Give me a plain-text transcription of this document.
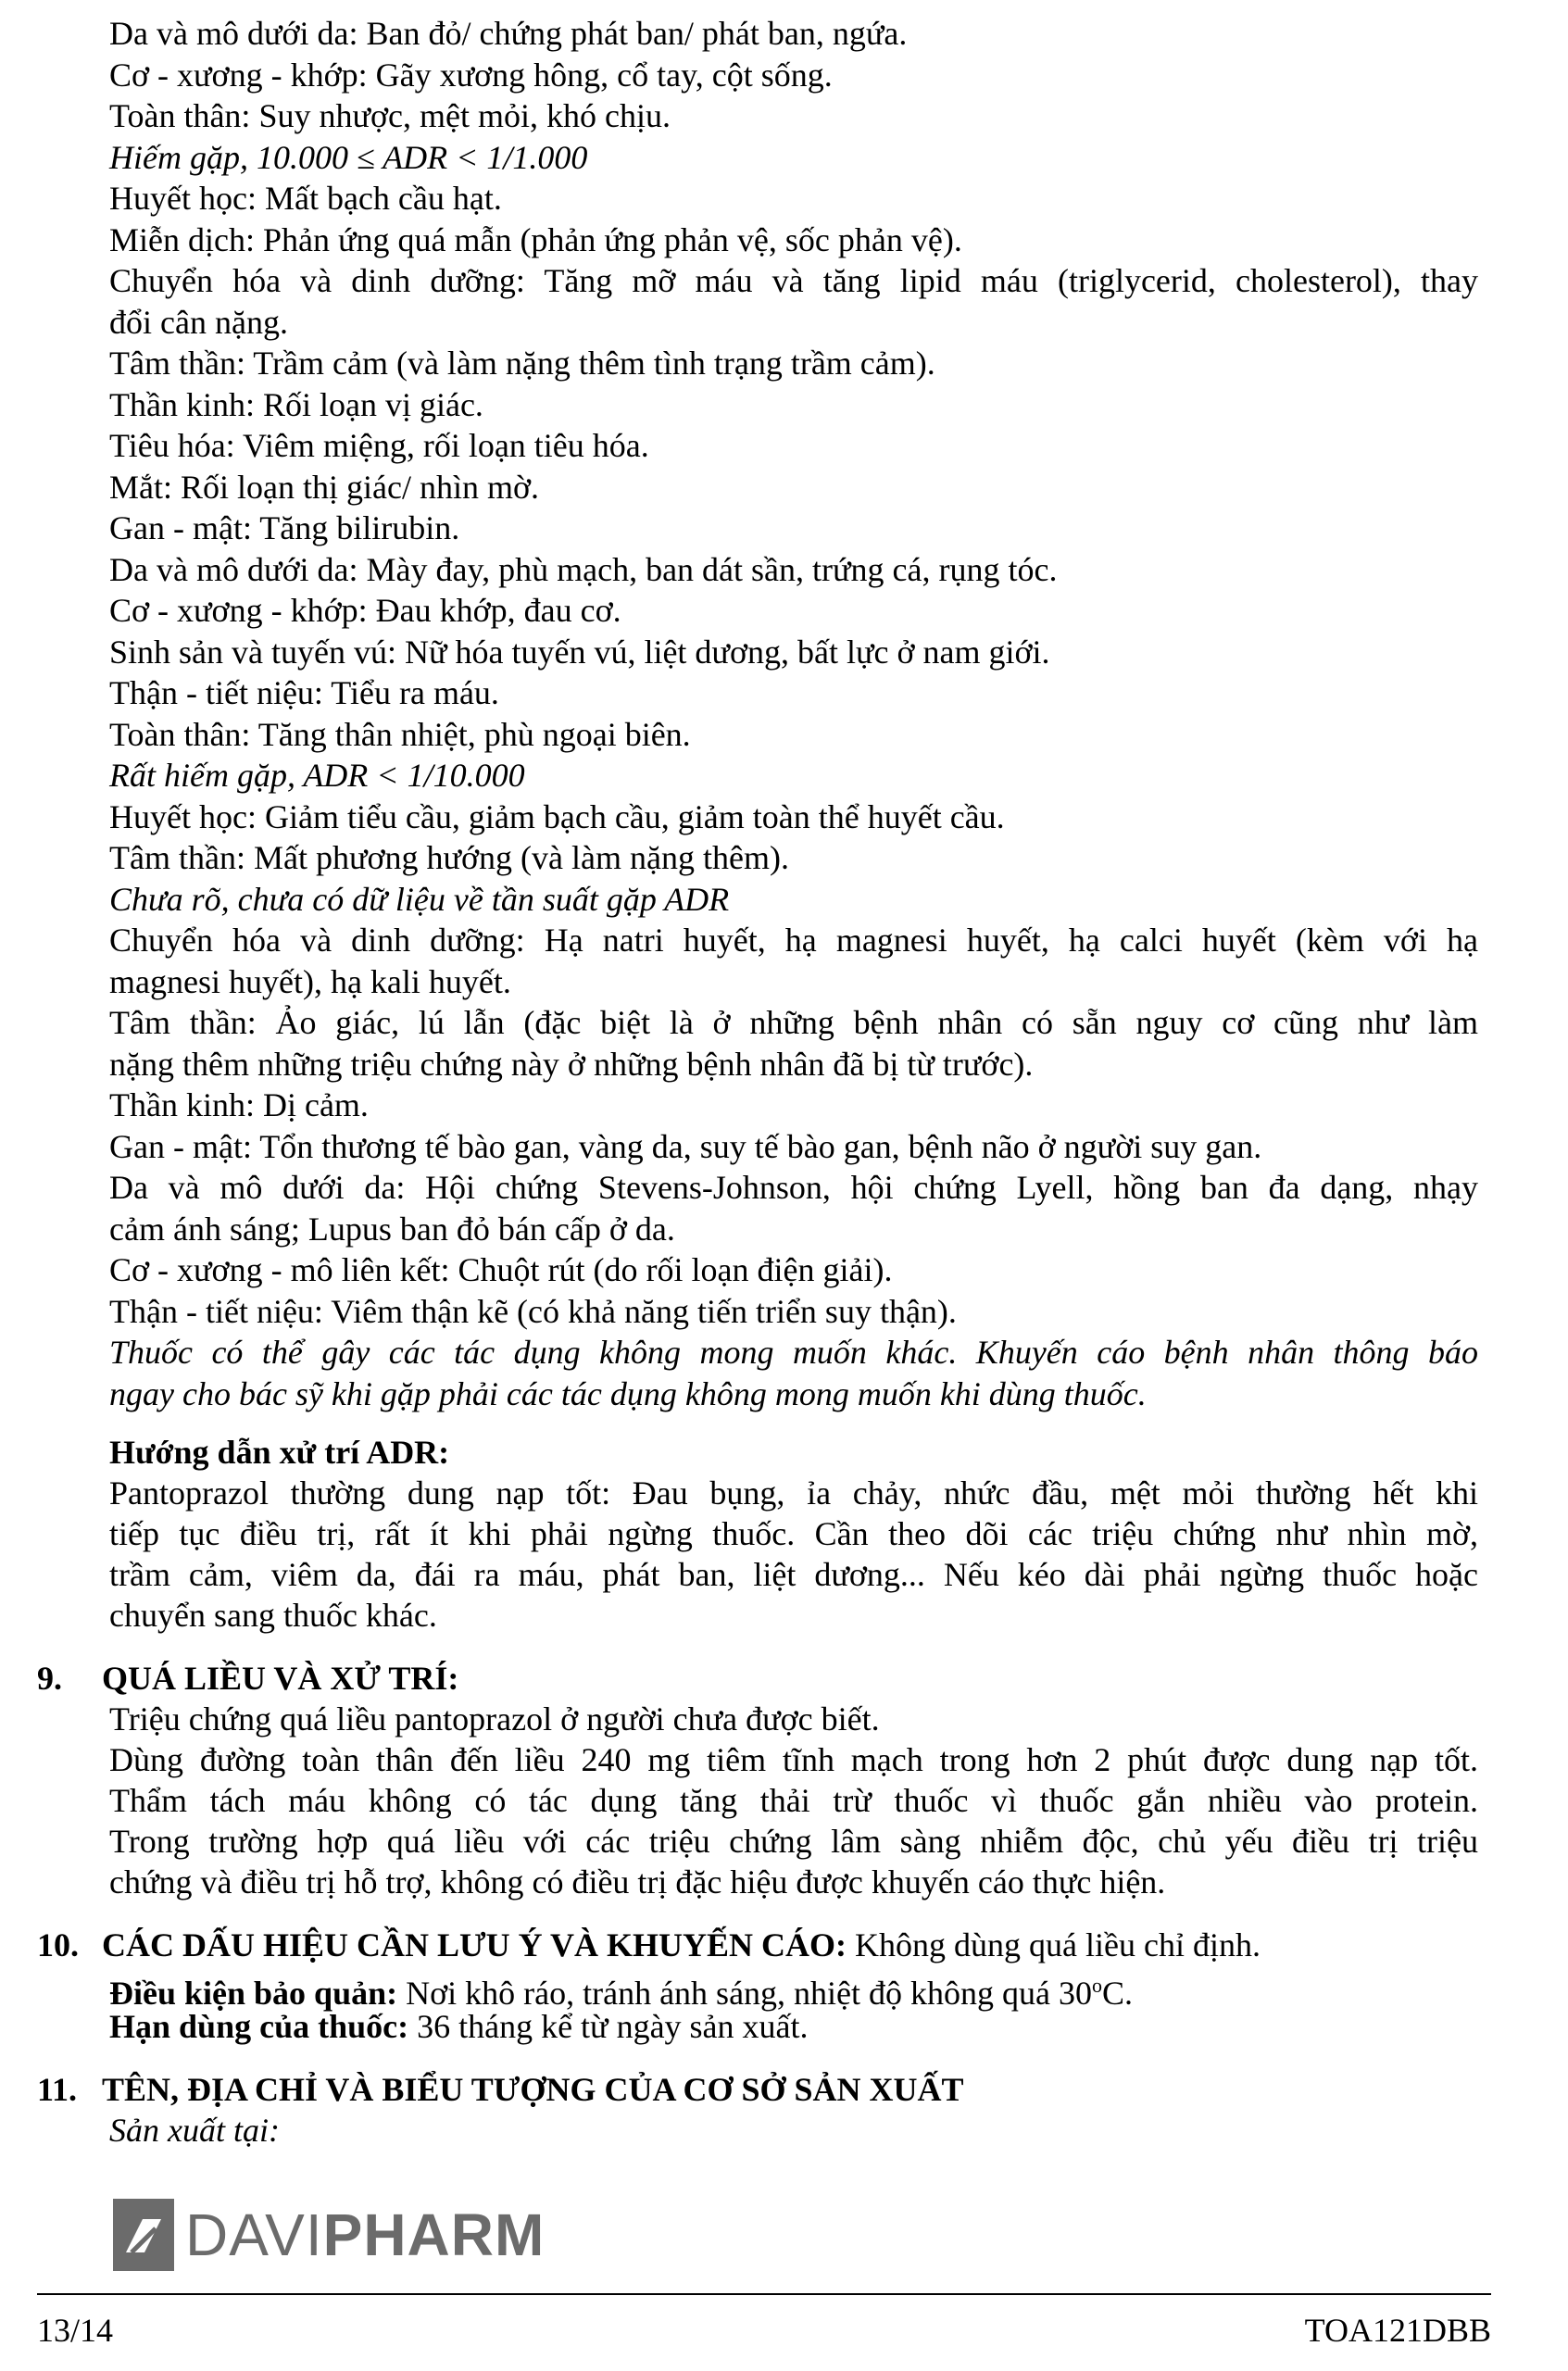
Da và mô dưới da: Ban đỏ/ chứng phát ban/ phát ban, ngứa.
Cơ - xương - khớp: Gãy xương hông, cổ tay, cột sống.
Toàn thân: Suy nhược, mệt mỏi, khó chịu.
Hiếm gặp, 10.000 ≤ ADR < 1/1.000
Huyết học: Mất bạch cầu hạt.
Miễn dịch: Phản ứng quá mẫn (phản ứng phản vệ, sốc phản vệ).
Chuyển hóa và dinh dưỡng: Tăng mỡ máu và tăng lipid máu (triglycerid, cholesterol), thay
đổi cân nặng.
Tâm thần: Trầm cảm (và làm nặng thêm tình trạng trầm cảm).
Thần kinh: Rối loạn vị giác.
Tiêu hóa: Viêm miệng, rối loạn tiêu hóa.
Mắt: Rối loạn thị giác/ nhìn mờ.
Gan - mật: Tăng bilirubin.
Da và mô dưới da: Mày đay, phù mạch, ban dát sần, trứng cá, rụng tóc.
Cơ - xương - khớp: Đau khớp, đau cơ.
Sinh sản và tuyến vú: Nữ hóa tuyến vú, liệt dương, bất lực ở nam giới.
Thận - tiết niệu: Tiểu ra máu.
Toàn thân: Tăng thân nhiệt, phù ngoại biên.
Rất hiếm gặp, ADR < 1/10.000
Huyết học: Giảm tiểu cầu, giảm bạch cầu, giảm toàn thể huyết cầu.
Tâm thần: Mất phương hướng (và làm nặng thêm).
Chưa rõ, chưa có dữ liệu về tần suất gặp ADR
Chuyển hóa và dinh dưỡng: Hạ natri huyết, hạ magnesi huyết, hạ calci huyết (kèm với hạ
magnesi huyết), hạ kali huyết.
Tâm thần: Ảo giác, lú lẫn (đặc biệt là ở những bệnh nhân có sẵn nguy cơ cũng như làm
nặng thêm những triệu chứng này ở những bệnh nhân đã bị từ trước).
Thần kinh: Dị cảm.
Gan - mật: Tổn thương tế bào gan, vàng da, suy tế bào gan, bệnh não ở người suy gan.
Da và mô dưới da: Hội chứng Stevens-Johnson, hội chứng Lyell, hồng ban đa dạng, nhạy
cảm ánh sáng; Lupus ban đỏ bán cấp ở da.
Cơ - xương - mô liên kết: Chuột rút (do rối loạn điện giải).
Thận - tiết niệu: Viêm thận kẽ (có khả năng tiến triển suy thận).
Thuốc có thể gây các tác dụng không mong muốn khác. Khuyến cáo bệnh nhân thông báo
ngay cho bác sỹ khi gặp phải các tác dụng không mong muốn khi dùng thuốc.
Hướng dẫn xử trí ADR:
Pantoprazol thường dung nạp tốt: Đau bụng, ỉa chảy, nhức đầu, mệt mỏi thường hết khi
tiếp tục điều trị, rất ít khi phải ngừng thuốc. Cần theo dõi các triệu chứng như nhìn mờ,
trầm cảm, viêm da, đái ra máu, phát ban, liệt dương... Nếu kéo dài phải ngừng thuốc hoặc
chuyển sang thuốc khác.
9. QUÁ LIỀU VÀ XỬ TRÍ:
Triệu chứng quá liều pantoprazol ở người chưa được biết.
Dùng đường toàn thân đến liều 240 mg tiêm tĩnh mạch trong hơn 2 phút được dung nạp tốt.
Thẩm tách máu không có tác dụng tăng thải trừ thuốc vì thuốc gắn nhiều vào protein.
Trong trường hợp quá liều với các triệu chứng lâm sàng nhiễm độc, chủ yếu điều trị triệu
chứng và điều trị hỗ trợ, không có điều trị đặc hiệu được khuyến cáo thực hiện.
10. CÁC DẤU HIỆU CẦN LƯU Ý VÀ KHUYẾN CÁO: Không dùng quá liều chỉ định.
Điều kiện bảo quản: Nơi khô ráo, tránh ánh sáng, nhiệt độ không quá 30$^o$C.
Hạn dùng của thuốc: 36 tháng kể từ ngày sản xuất.
11. TÊN, ĐỊA CHỈ VÀ BIỂU TƯỢNG CỦA CƠ SỞ SẢN XUẤT
Sản xuất tại:
DAVIPHARM
13/14	TOA121DBB
